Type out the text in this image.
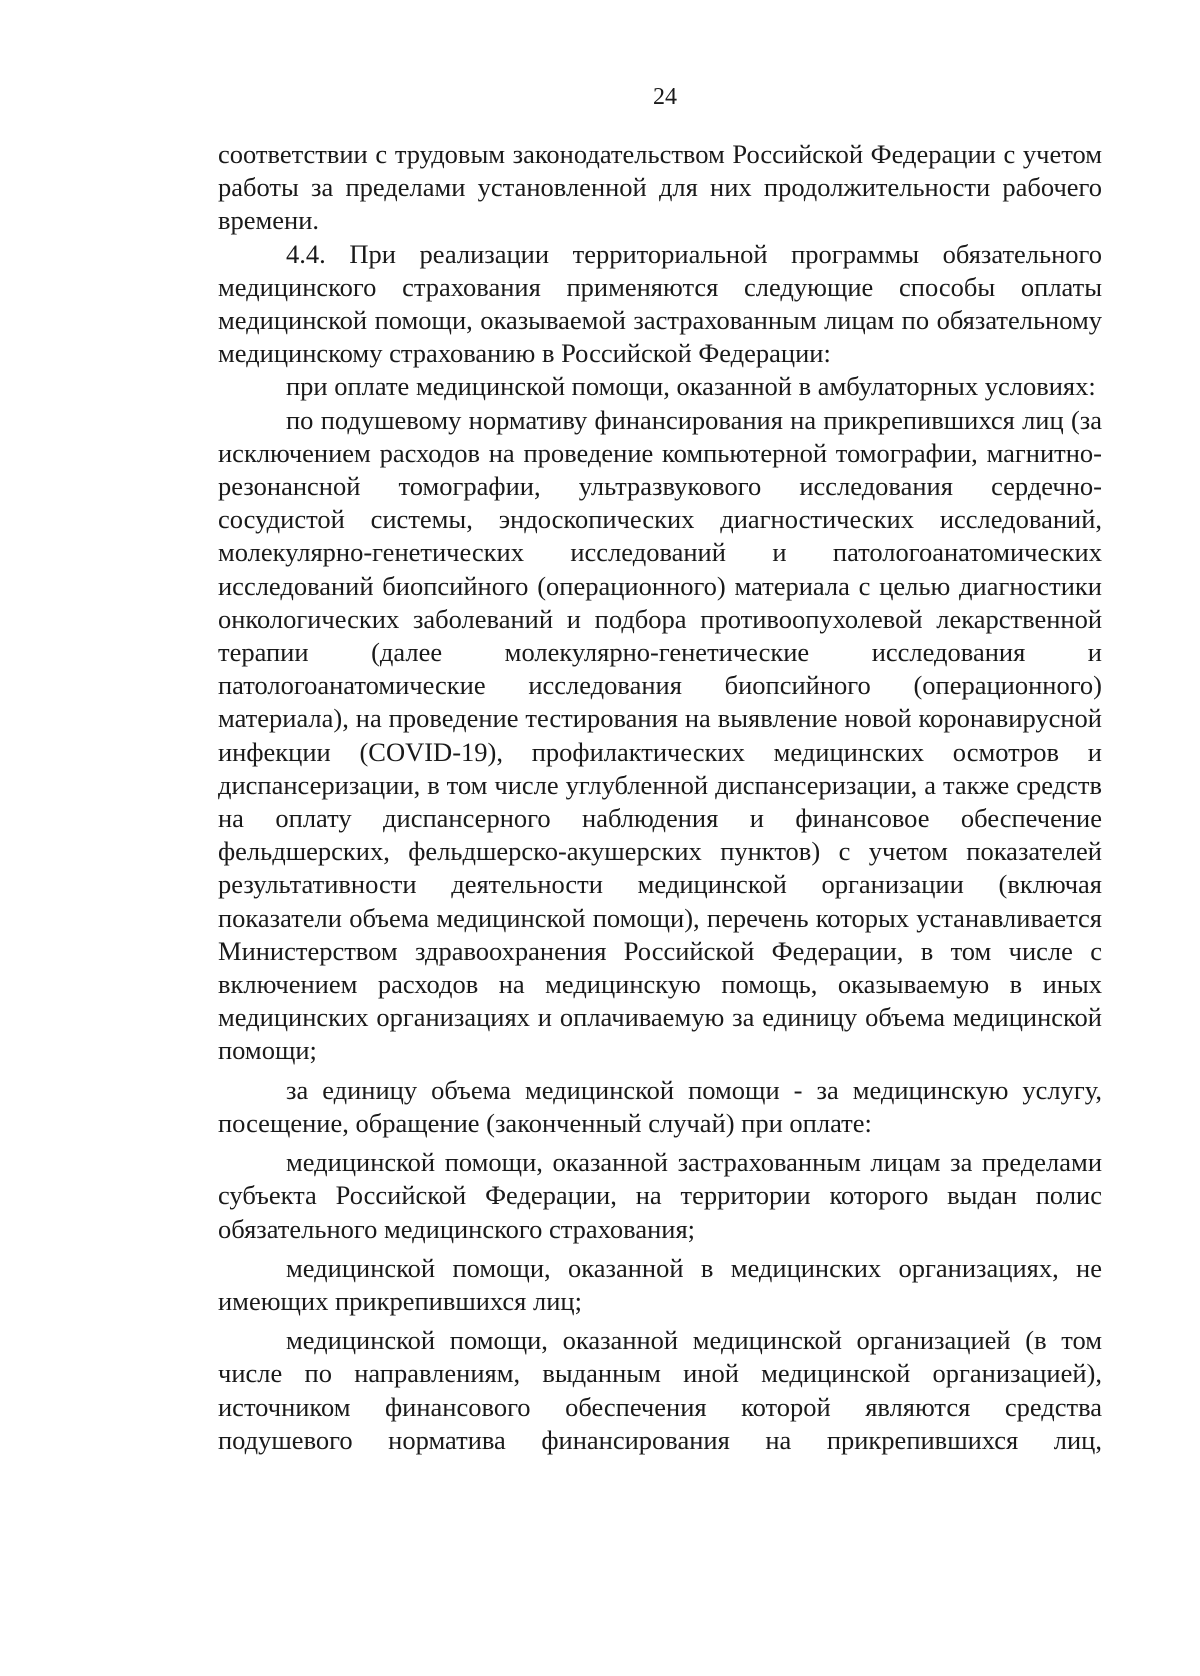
24

соответствии с трудовым законодательством Российской Федерации с учетом работы за пределами установленной для них продолжительности рабочего времени.

4.4. При реализации территориальной программы обязательного медицинского страхования применяются следующие способы оплаты медицинской помощи, оказываемой застрахованным лицам по обязательному медицинскому страхованию в Российской Федерации:

при оплате медицинской помощи, оказанной в амбулаторных условиях:

по подушевому нормативу финансирования на прикрепившихся лиц (за исключением расходов на проведение компьютерной томографии, магнитно-резонансной томографии, ультразвукового исследования сердечно-сосудистой системы, эндоскопических диагностических исследований, молекулярно-генетических исследований и патологоанатомических исследований биопсийного (операционного) материала с целью диагностики онкологических заболеваний и подбора противоопухолевой лекарственной терапии (далее молекулярно-генетические исследования и патологоанатомические исследования биопсийного (операционного) материала), на проведение тестирования на выявление новой коронавирусной инфекции (COVID-19), профилактических медицинских осмотров и диспансеризации, в том числе углубленной диспансеризации, а также средств на оплату диспансерного наблюдения и финансовое обеспечение фельдшерских, фельдшерско-акушерских пунктов) с учетом показателей результативности деятельности медицинской организации (включая показатели объема медицинской помощи), перечень которых устанавливается Министерством здравоохранения Российской Федерации, в том числе с включением расходов на медицинскую помощь, оказываемую в иных медицинских организациях и оплачиваемую за единицу объема медицинской помощи;

за единицу объема медицинской помощи - за медицинскую услугу, посещение, обращение (законченный случай) при оплате:

медицинской помощи, оказанной застрахованным лицам за пределами субъекта Российской Федерации, на территории которого выдан полис обязательного медицинского страхования;

медицинской помощи, оказанной в медицинских организациях, не имеющих прикрепившихся лиц;

медицинской помощи, оказанной медицинской организацией (в том числе по направлениям, выданным иной медицинской организацией), источником финансового обеспечения которой являются средства подушевого норматива финансирования на прикрепившихся лиц,
